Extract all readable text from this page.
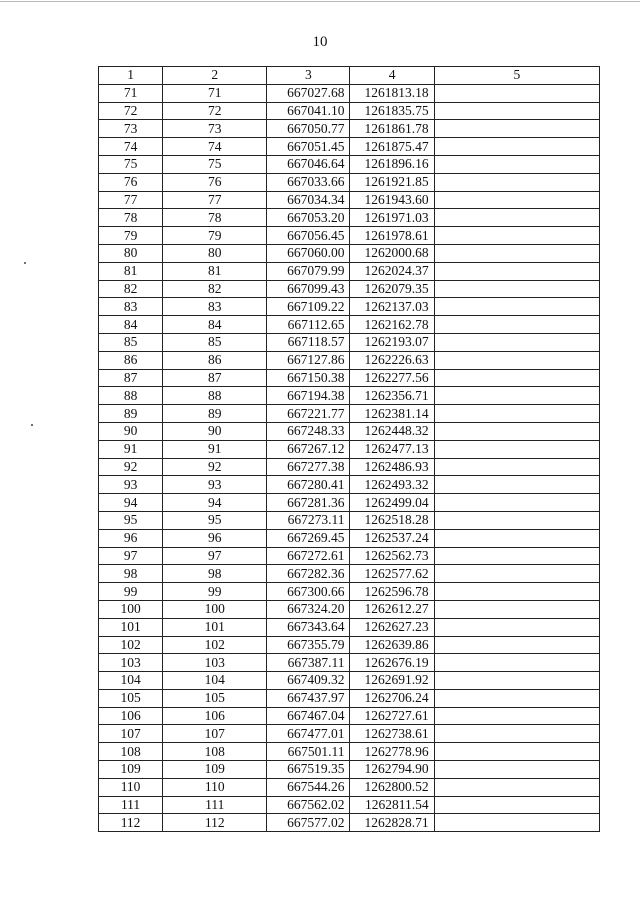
10
1	2	3	4	5
71	71	667027.68	1261813.18	
72	72	667041.10	1261835.75	
73	73	667050.77	1261861.78	
74	74	667051.45	1261875.47	
75	75	667046.64	1261896.16	
76	76	667033.66	1261921.85	
77	77	667034.34	1261943.60	
78	78	667053.20	1261971.03	
79	79	667056.45	1261978.61	
80	80	667060.00	1262000.68	
81	81	667079.99	1262024.37	
82	82	667099.43	1262079.35	
83	83	667109.22	1262137.03	
84	84	667112.65	1262162.78	
85	85	667118.57	1262193.07	
86	86	667127.86	1262226.63	
87	87	667150.38	1262277.56	
88	88	667194.38	1262356.71	
89	89	667221.77	1262381.14	
90	90	667248.33	1262448.32	
91	91	667267.12	1262477.13	
92	92	667277.38	1262486.93	
93	93	667280.41	1262493.32	
94	94	667281.36	1262499.04	
95	95	667273.11	1262518.28	
96	96	667269.45	1262537.24	
97	97	667272.61	1262562.73	
98	98	667282.36	1262577.62	
99	99	667300.66	1262596.78	
100	100	667324.20	1262612.27	
101	101	667343.64	1262627.23	
102	102	667355.79	1262639.86	
103	103	667387.11	1262676.19	
104	104	667409.32	1262691.92	
105	105	667437.97	1262706.24	
106	106	667467.04	1262727.61	
107	107	667477.01	1262738.61	
108	108	667501.11	1262778.96	
109	109	667519.35	1262794.90	
110	110	667544.26	1262800.52	
111	111	667562.02	1262811.54	
112	112	667577.02	1262828.71	
